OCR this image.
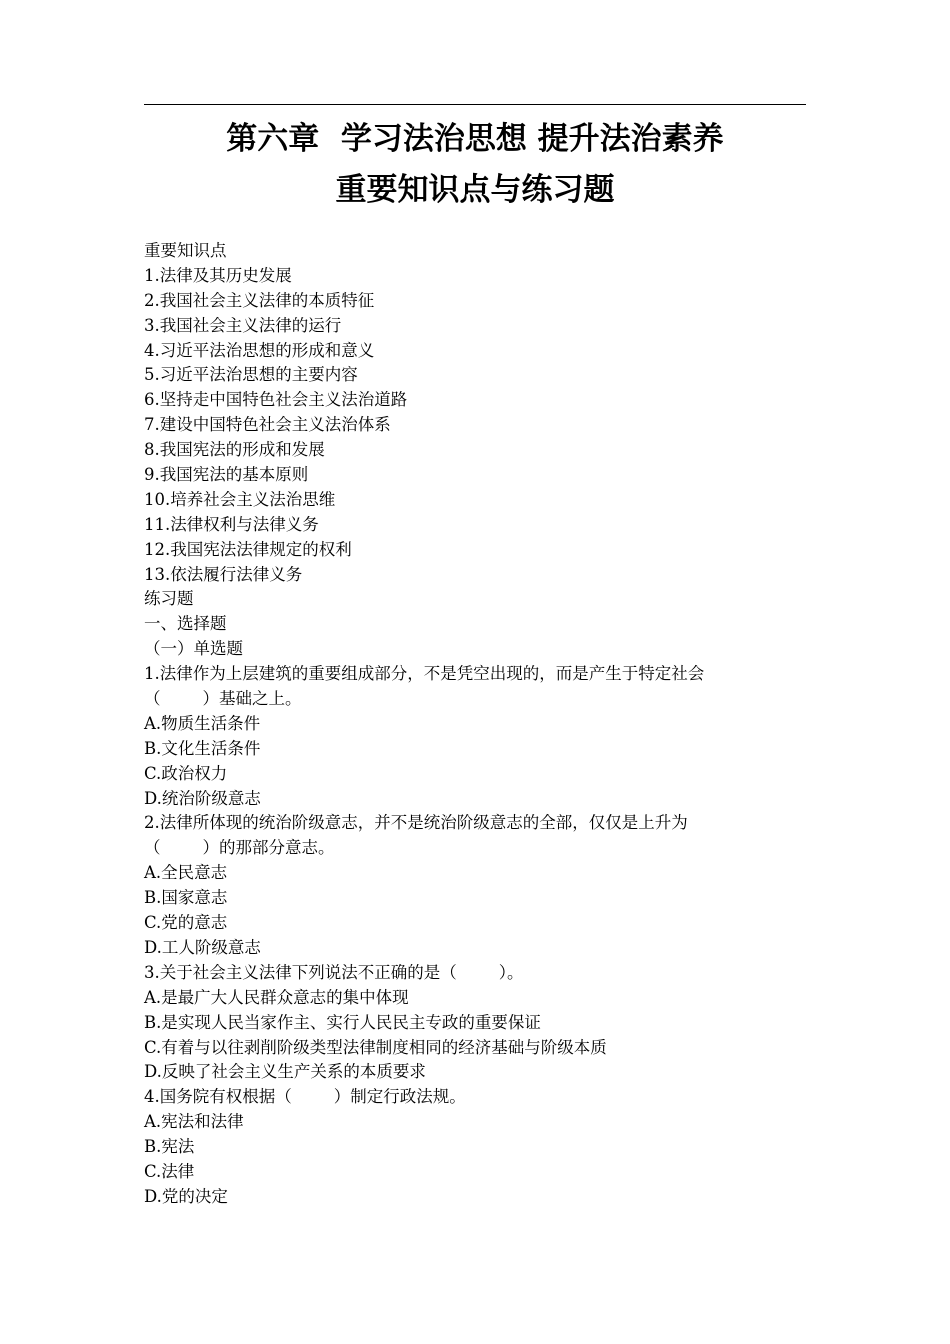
第六章  学习法治思想 提升法治素养
重要知识点与练习题
重要知识点
1.法律及其历史发展
2.我国社会主义法律的本质特征
3.我国社会主义法律的运行
4.习近平法治思想的形成和意义
5.习近平法治思想的主要内容
6.坚持走中国特色社会主义法治道路
7.建设中国特色社会主义法治体系
8.我国宪法的形成和发展
9.我国宪法的基本原则
10.培养社会主义法治思维
11.法律权利与法律义务
12.我国宪法法律规定的权利
13.依法履行法律义务
练习题
一、选择题
（一）单选题
1.法律作为上层建筑的重要组成部分，不是凭空出现的，而是产生于特定社会
（        ）基础之上。
A.物质生活条件
B.文化生活条件
C.政治权力
D.统治阶级意志
2.法律所体现的统治阶级意志，并不是统治阶级意志的全部，仅仅是上升为
（        ）的那部分意志。
A.全民意志
B.国家意志
C.党的意志
D.工人阶级意志
3.关于社会主义法律下列说法不正确的是（        ）。
A.是最广大人民群众意志的集中体现
B.是实现人民当家作主、实行人民民主专政的重要保证
C.有着与以往剥削阶级类型法律制度相同的经济基础与阶级本质
D.反映了社会主义生产关系的本质要求
4.国务院有权根据（        ）制定行政法规。
A.宪法和法律
B.宪法
C.法律
D.党的决定
